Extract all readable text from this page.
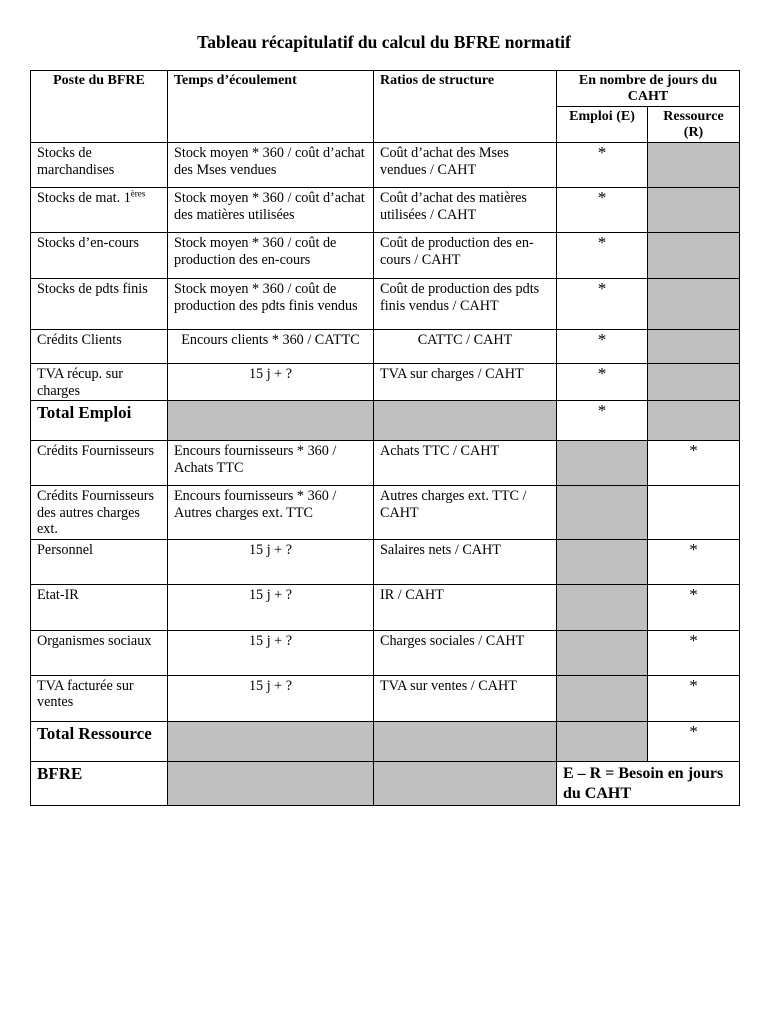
Tableau récapitulatif du calcul du BFRE normatif
Poste du BFRE	Temps d’écoulement	Ratios de structure	En nombre de jours du CAHT	
			Emploi (E)	Ressource (R)
Stocks de marchandises	Stock moyen * 360 / coût d’achat des Mses vendues	Coût d’achat des Mses vendues / CAHT	*	
Stocks de mat. 1ères	Stock moyen * 360 / coût d’achat des matières utilisées	Coût d’achat des matières utilisées / CAHT	*	
Stocks d’en-cours	Stock moyen * 360 / coût de production des en-cours	Coût de production des en-cours / CAHT	*	
Stocks de pdts finis	Stock moyen * 360 / coût de production des pdts finis vendus	Coût de production des pdts finis vendus / CAHT	*	
Crédits Clients	Encours clients * 360 / CATTC	CATTC / CAHT	*	
TVA récup. sur charges	15 j + ?	TVA sur charges / CAHT	*	
Total Emploi			*	
Crédits Fournisseurs	Encours fournisseurs * 360 / Achats TTC	Achats TTC / CAHT		*
Crédits Fournisseurs des autres charges ext.	Encours fournisseurs * 360 / Autres charges ext. TTC	Autres charges ext. TTC / CAHT		
Personnel	15 j + ?	Salaires nets / CAHT		*
Etat-IR	15 j + ?	IR / CAHT		*
Organismes sociaux	15 j + ?	Charges sociales / CAHT		*
TVA facturée sur ventes	15 j + ?	TVA sur ventes / CAHT		*
Total Ressource				*
BFRE			E – R = Besoin en jours du CAHT	
